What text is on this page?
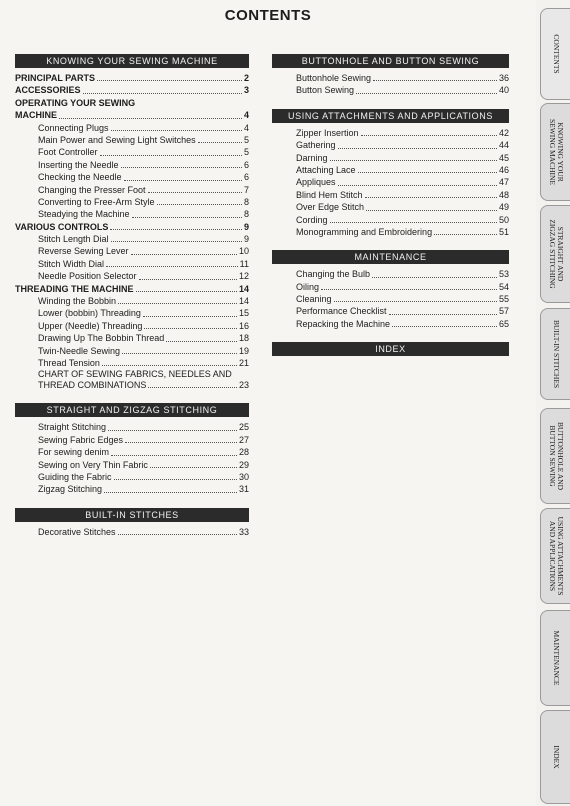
CONTENTS
KNOWING YOUR SEWING MACHINE
PRINCIPAL PARTS	2
ACCESSORIES	3
OPERATING YOUR SEWING
MACHINE	4
Connecting Plugs	4
Main Power and Sewing Light Switches	5
Foot Controller	5
Inserting the Needle	6
Checking the Needle	6
Changing the Presser Foot	7
Converting to Free-Arm Style	8
Steadying the Machine	8
VARIOUS CONTROLS	9
Stitch Length Dial	9
Reverse Sewing Lever	10
Stitch Width Dial	11
Needle Position Selector	12
THREADING THE MACHINE	14
Winding the Bobbin	14
Lower (bobbin) Threading	15
Upper (Needle) Threading	16
Drawing Up The Bobbin Thread	18
Twin-Needle Sewing	19
Thread Tension	21
CHART OF SEWING FABRICS, NEEDLES AND
THREAD COMBINATIONS	23
STRAIGHT AND ZIGZAG STITCHING
Straight Stitching	25
Sewing Fabric Edges	27
For sewing denim	28
Sewing on Very Thin Fabric	29
Guiding the Fabric	30
Zigzag Stitching	31
BUILT-IN STITCHES
Decorative Stitches	33
BUTTONHOLE AND BUTTON SEWING
Buttonhole Sewing	36
Button Sewing	40
USING ATTACHMENTS AND APPLICATIONS
Zipper Insertion	42
Gathering	44
Darning	45
Attaching Lace	46
Appliques	47
Blind Hem Stitch	48
Over Edge Stitch	49
Cording	50
Monogramming and Embroidering	51
MAINTENANCE
Changing the Bulb	53
Oiling	54
Cleaning	55
Performance Checklist	57
Repacking the Machine	65
INDEX
CONTENTS
KNOWING YOUR
SEWING MACHINE
STRAIGHT AND
ZIGZAG STITCHING
BUILT-IN STITCHES
BUTTONHOLE AND
BUTTON SEWING
USING ATTACHMENTS
AND APPLICATIONS
MAINTENANCE
INDEX
